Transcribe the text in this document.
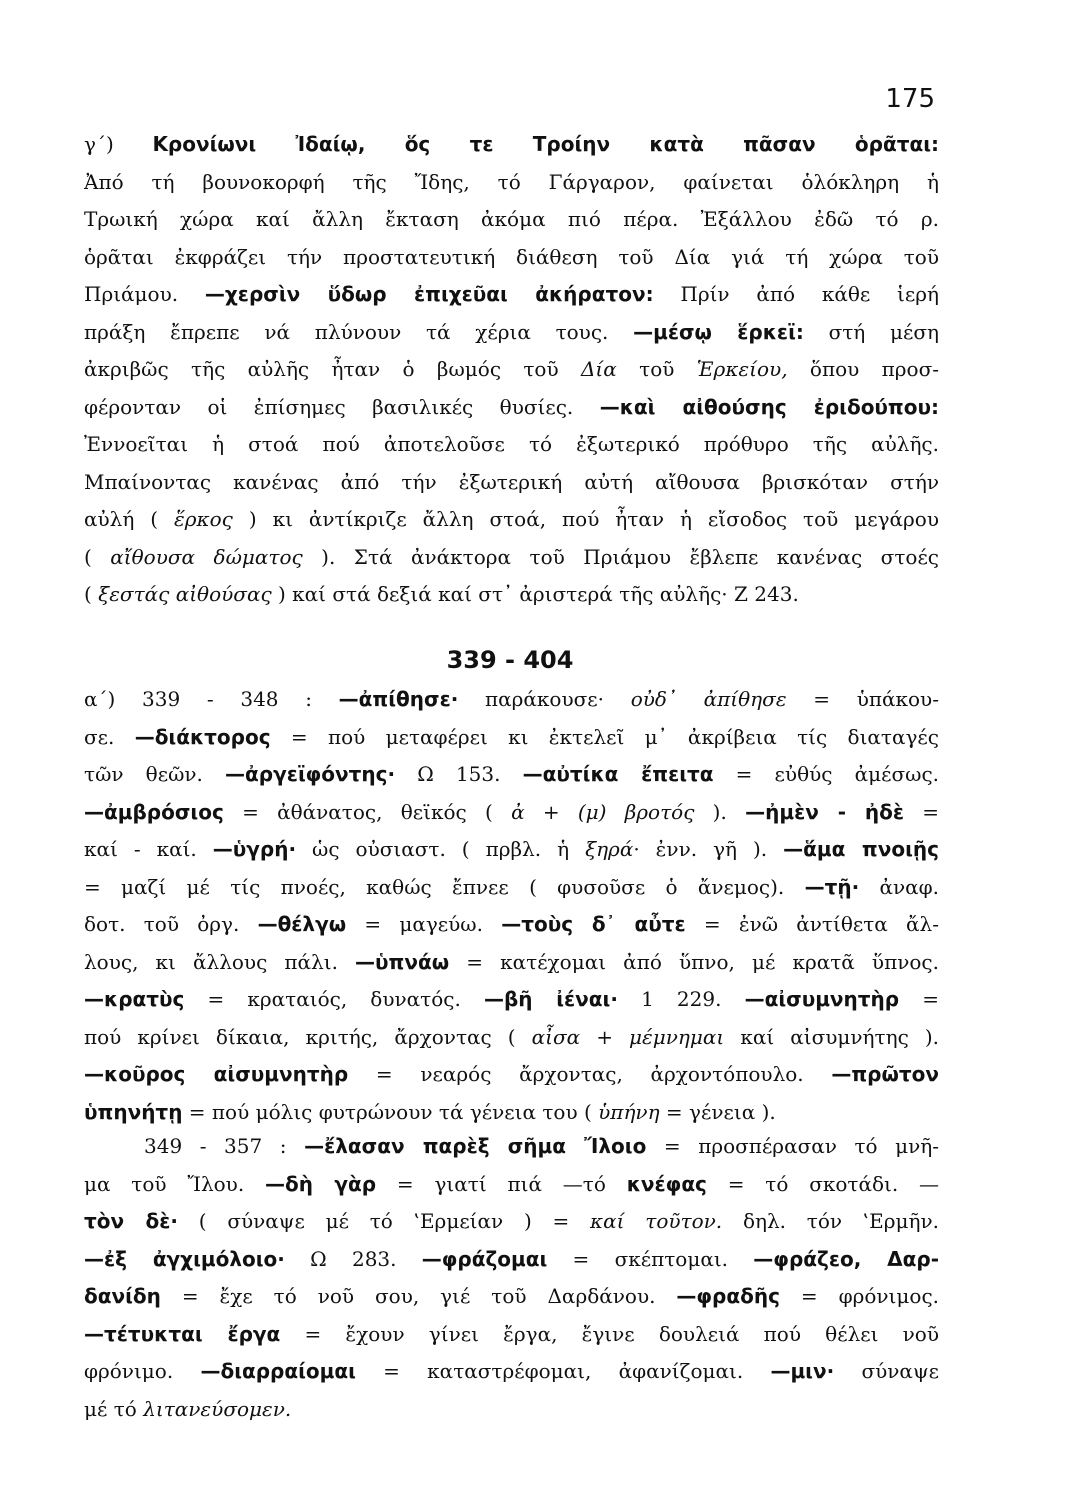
175
γ΄) Κρονίωνι Ἰδαίῳ, ὅς τε Τροίην κατὰ πᾶσαν ὁρᾶται:
Ἀπό τή βουνοκορφή τῆς Ἴδης, τό Γάργαρον, φαίνεται ὁλόκληρη ἡ
Τρωική χώρα καί ἄλλη ἔκταση ἀκόμα πιό πέρα. Ἐξάλλου ἐδῶ τό ρ.
ὁρᾶται ἐκφράζει τήν προστατευτική διάθεση τοῦ Δία γιά τή χώρα τοῦ
Πριάμου. —χερσὶν ὕδωρ ἐπιχεῦαι ἀκήρατον: Πρίν ἀπό κάθε ἱερή
πράξη ἔπρεπε νά πλύνουν τά χέρια τους. —μέσῳ ἕρκεϊ: στή μέση
ἀκριβῶς τῆς αὐλῆς ἦταν ὁ βωμός τοῦ Δία τοῦ Ἑρκείου, ὅπου προσ-
φέρονταν οἱ ἐπίσημες βασιλικές θυσίες. —καὶ αἰθούσης ἐριδούπου:
Ἐννοεῖται ἡ στοά πού ἀποτελοῦσε τό ἐξωτερικό πρόθυρο τῆς αὐλῆς.
Μπαίνοντας κανένας ἀπό τήν ἐξωτερική αὐτή αἴθουσα βρισκόταν στήν
αὐλή ( ἕρκος ) κι ἀντίκριζε ἄλλη στοά, πού ἦταν ἡ εἴσοδος τοῦ μεγάρου
( αἴθουσα δώματος ). Στά ἀνάκτορα τοῦ Πριάμου ἔβλεπε κανένας στοές
( ξεστάς αἰθούσας ) καί στά δεξιά καί στ᾽ ἀριστερά τῆς αὐλῆς· Ζ 243.
339 - 404
α΄) 339 - 348 : —ἀπίθησε· παράκουσε· οὐδ᾽ ἀπίθησε = ὑπάκου-
σε. —διάκτορος = πού μεταφέρει κι ἐκτελεῖ μ᾽ ἀκρίβεια τίς διαταγές
τῶν θεῶν. —ἀργεϊφόντης· Ω 153. —αὐτίκα ἔπειτα = εὐθύς ἀμέσως.
—ἀμβρόσιος = ἀθάνατος, θεϊκός ( ἀ + (μ) βροτός ). —ἠμὲν - ἠδὲ =
καί - καί. —ὑγρή· ὡς οὐσιαστ. ( πρβλ. ἡ ξηρά· ἐνν. γῆ ). —ἅμα πνοιῇς
= μαζί μέ τίς πνοές, καθώς ἔπνεε ( φυσοῦσε ὁ ἄνεμος). —τῇ· ἀναφ.
δοτ. τοῦ ὀργ. —θέλγω = μαγεύω. —τοὺς δ᾽ αὖτε = ἐνῶ ἀντίθετα ἄλ-
λους, κι ἄλλους πάλι. —ὑπνάω = κατέχομαι ἀπό ὕπνο, μέ κρατᾶ ὕπνος.
—κρατὺς = κραταιός, δυνατός. —βῆ ἰέναι· 1 229. —αἰσυμνητὴρ =
πού κρίνει δίκαια, κριτής, ἄρχοντας ( αἶσα + μέμνημαι καί αἰσυμνήτης ).
—κοῦρος αἰσυμνητὴρ = νεαρός ἄρχοντας, ἀρχοντόπουλο. —πρῶτον
ὑπηνήτῃ = πού μόλις φυτρώνουν τά γένεια του ( ὑπήνη = γένεια ).
349 - 357 : —ἔλασαν παρὲξ σῆμα Ἴλοιο = προσπέρασαν τό μνῆ-
μα τοῦ Ἴλου. —δὴ γὰρ = γιατί πιά —τό κνέφας = τό σκοτάδι. —
τὸν δὲ· ( σύναψε μέ τό ‛Ερμείαν ) = καί τοῦτον. δηλ. τόν ‛Ερμῆν.
—ἐξ ἀγχιμόλοιο· Ω 283. —φράζομαι = σκέπτομαι. —φράζεο, Δαρ-
δανίδη = ἔχε τό νοῦ σου, γιέ τοῦ Δαρδάνου. —φραδῆς = φρόνιμος.
—τέτυκται ἔργα = ἔχουν γίνει ἔργα, ἔγινε δουλειά πού θέλει νοῦ
φρόνιμο. —διαρραίομαι = καταστρέφομαι, ἀφανίζομαι. —μιν· σύναψε
μέ τό λιτανεύσομεν.
